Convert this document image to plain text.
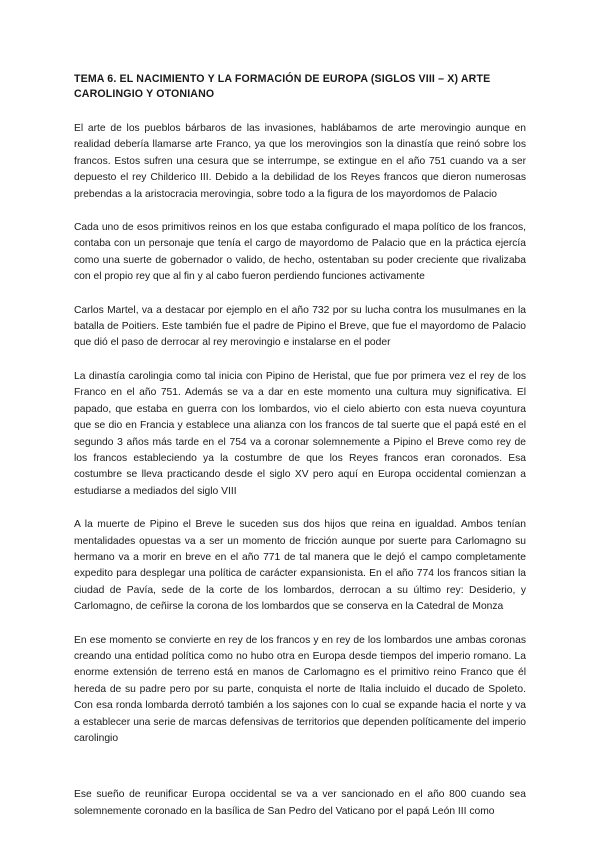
TEMA 6. EL NACIMIENTO Y LA FORMACIÓN DE EUROPA (SIGLOS VIII – X) ARTE CAROLINGIO Y OTONIANO

El arte de los pueblos bárbaros de las invasiones, hablábamos de arte merovingio aunque en realidad debería llamarse arte Franco, ya que los merovingios son la dinastía que reinó sobre los francos. Estos sufren una cesura que se interrumpe, se extingue en el año 751 cuando va a ser depuesto el rey Childerico III. Debido a la debilidad de los Reyes francos que dieron numerosas prebendas a la aristocracia merovingia, sobre todo a la figura de los mayordomos de Palacio

Cada uno de esos primitivos reinos en los que estaba configurado el mapa político de los francos, contaba con un personaje que tenía el cargo de mayordomo de Palacio que en la práctica ejercía como una suerte de gobernador o valido, de hecho, ostentaban su poder creciente que rivalizaba con el propio rey que al fin y al cabo fueron perdiendo funciones activamente

Carlos Martel, va a destacar por ejemplo en el año 732 por su lucha contra los musulmanes en la batalla de Poitiers. Este también fue el padre de Pipino el Breve, que fue el mayordomo de Palacio que dió el paso de derrocar al rey merovingio e instalarse en el poder

La dinastía carolingia como tal inicia con Pipino de Heristal, que fue por primera vez el rey de los Franco en el año 751. Además se va a dar en este momento una cultura muy significativa. El papado, que estaba en guerra con los lombardos, vio el cielo abierto con esta nueva coyuntura que se dio en Francia y establece una alianza con los francos de tal suerte que el papá esté en el segundo 3 años más tarde en el 754 va a coronar solemnemente a Pipino el Breve como rey de los francos estableciendo ya la costumbre de que los Reyes francos eran coronados. Esa costumbre se lleva practicando desde el siglo XV pero aquí en Europa occidental comienzan a estudiarse a mediados del siglo VIII

A la muerte de Pipino el Breve le suceden sus dos hijos que reina en igualdad. Ambos tenían mentalidades opuestas va a ser un momento de fricción aunque por suerte para Carlomagno su hermano va a morir en breve en el año 771 de tal manera que le dejó el campo completamente expedito para desplegar una política de carácter expansionista. En el año 774 los francos sitian la ciudad de Pavía, sede de la corte de los lombardos, derrocan a su último rey: Desiderio, y Carlomagno, de ceñirse la corona de los lombardos que se conserva en la Catedral de Monza

En ese momento se convierte en rey de los francos y en rey de los lombardos une ambas coronas creando una entidad política como no hubo otra en Europa desde tiempos del imperio romano. La enorme extensión de terreno está en manos de Carlomagno es el primitivo reino Franco que él hereda de su padre pero por su parte, conquista el norte de Italia incluido el ducado de Spoleto. Con esa ronda lombarda derrotó también a los sajones con lo cual se expande hacia el norte y va a establecer una serie de marcas defensivas de territorios que dependen políticamente del imperio carolingio

Ese sueño de reunificar Europa occidental se va a ver sancionado en el año 800 cuando sea solemnemente coronado en la basílica de San Pedro del Vaticano por el papá León III como
